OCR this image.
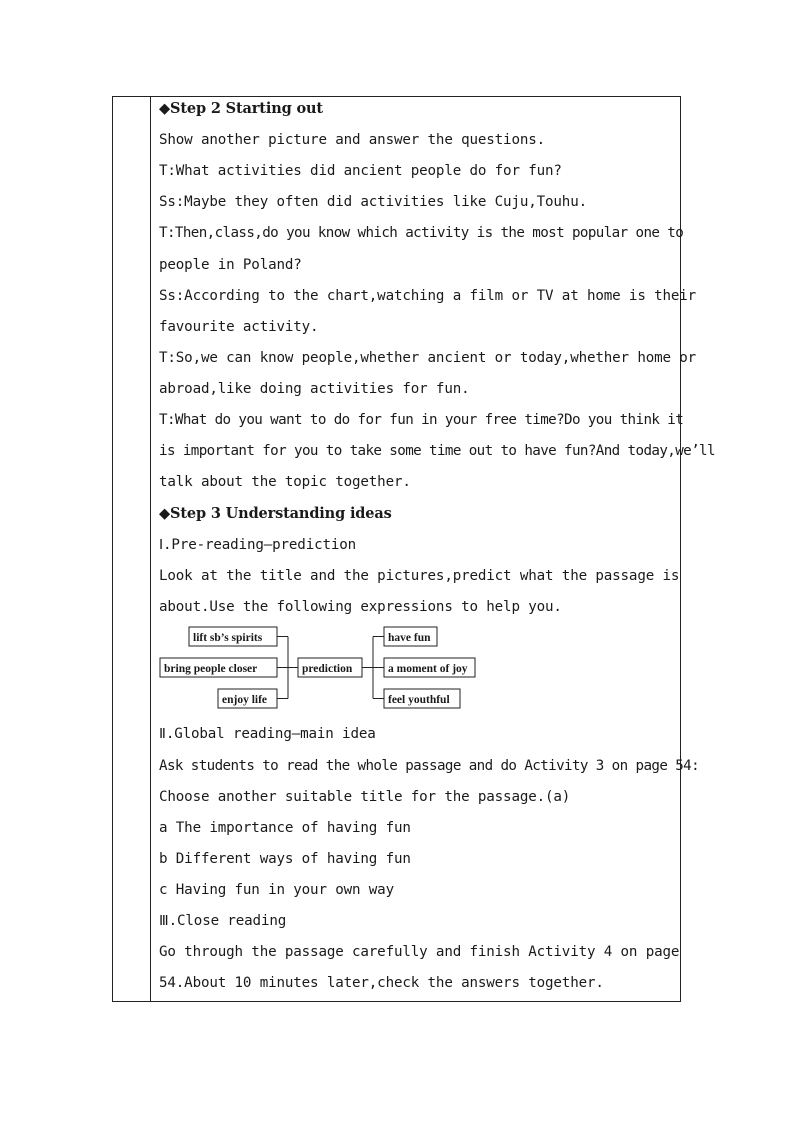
◆Step 2 Starting out
Show another picture and answer the questions.
T:What activities did ancient people do for fun?
Ss:Maybe they often did activities like Cuju,Touhu.
T:Then,class,do you know which activity is the most popular one to
people in Poland?
Ss:According to the chart,watching a film or TV at home is their
favourite activity.
T:So,we can know people,whether ancient or today,whether home or
abroad,like doing activities for fun.
T:What do you want to do for fun in your free time?Do you think it
is important for you to take some time out to have fun?And today,we’ll
talk about the topic together.
◆Step 3 Understanding ideas
Ⅰ.Pre-reading—prediction
Look at the title and the pictures,predict what the passage is
about.Use the following expressions to help you.
Ⅱ.Global reading—main idea
Ask students to read the whole passage and do Activity 3 on page 54:
Choose another suitable title for the passage.(a)
a The importance of having fun
b Different ways of having fun
c Having fun in your own way
Ⅲ.Close reading
Go through the passage carefully and finish Activity 4 on page
54.About 10 minutes later,check the answers together.
lift sb’s spirits
bring people closer
enjoy life
prediction
have fun
a moment of joy
feel youthful
